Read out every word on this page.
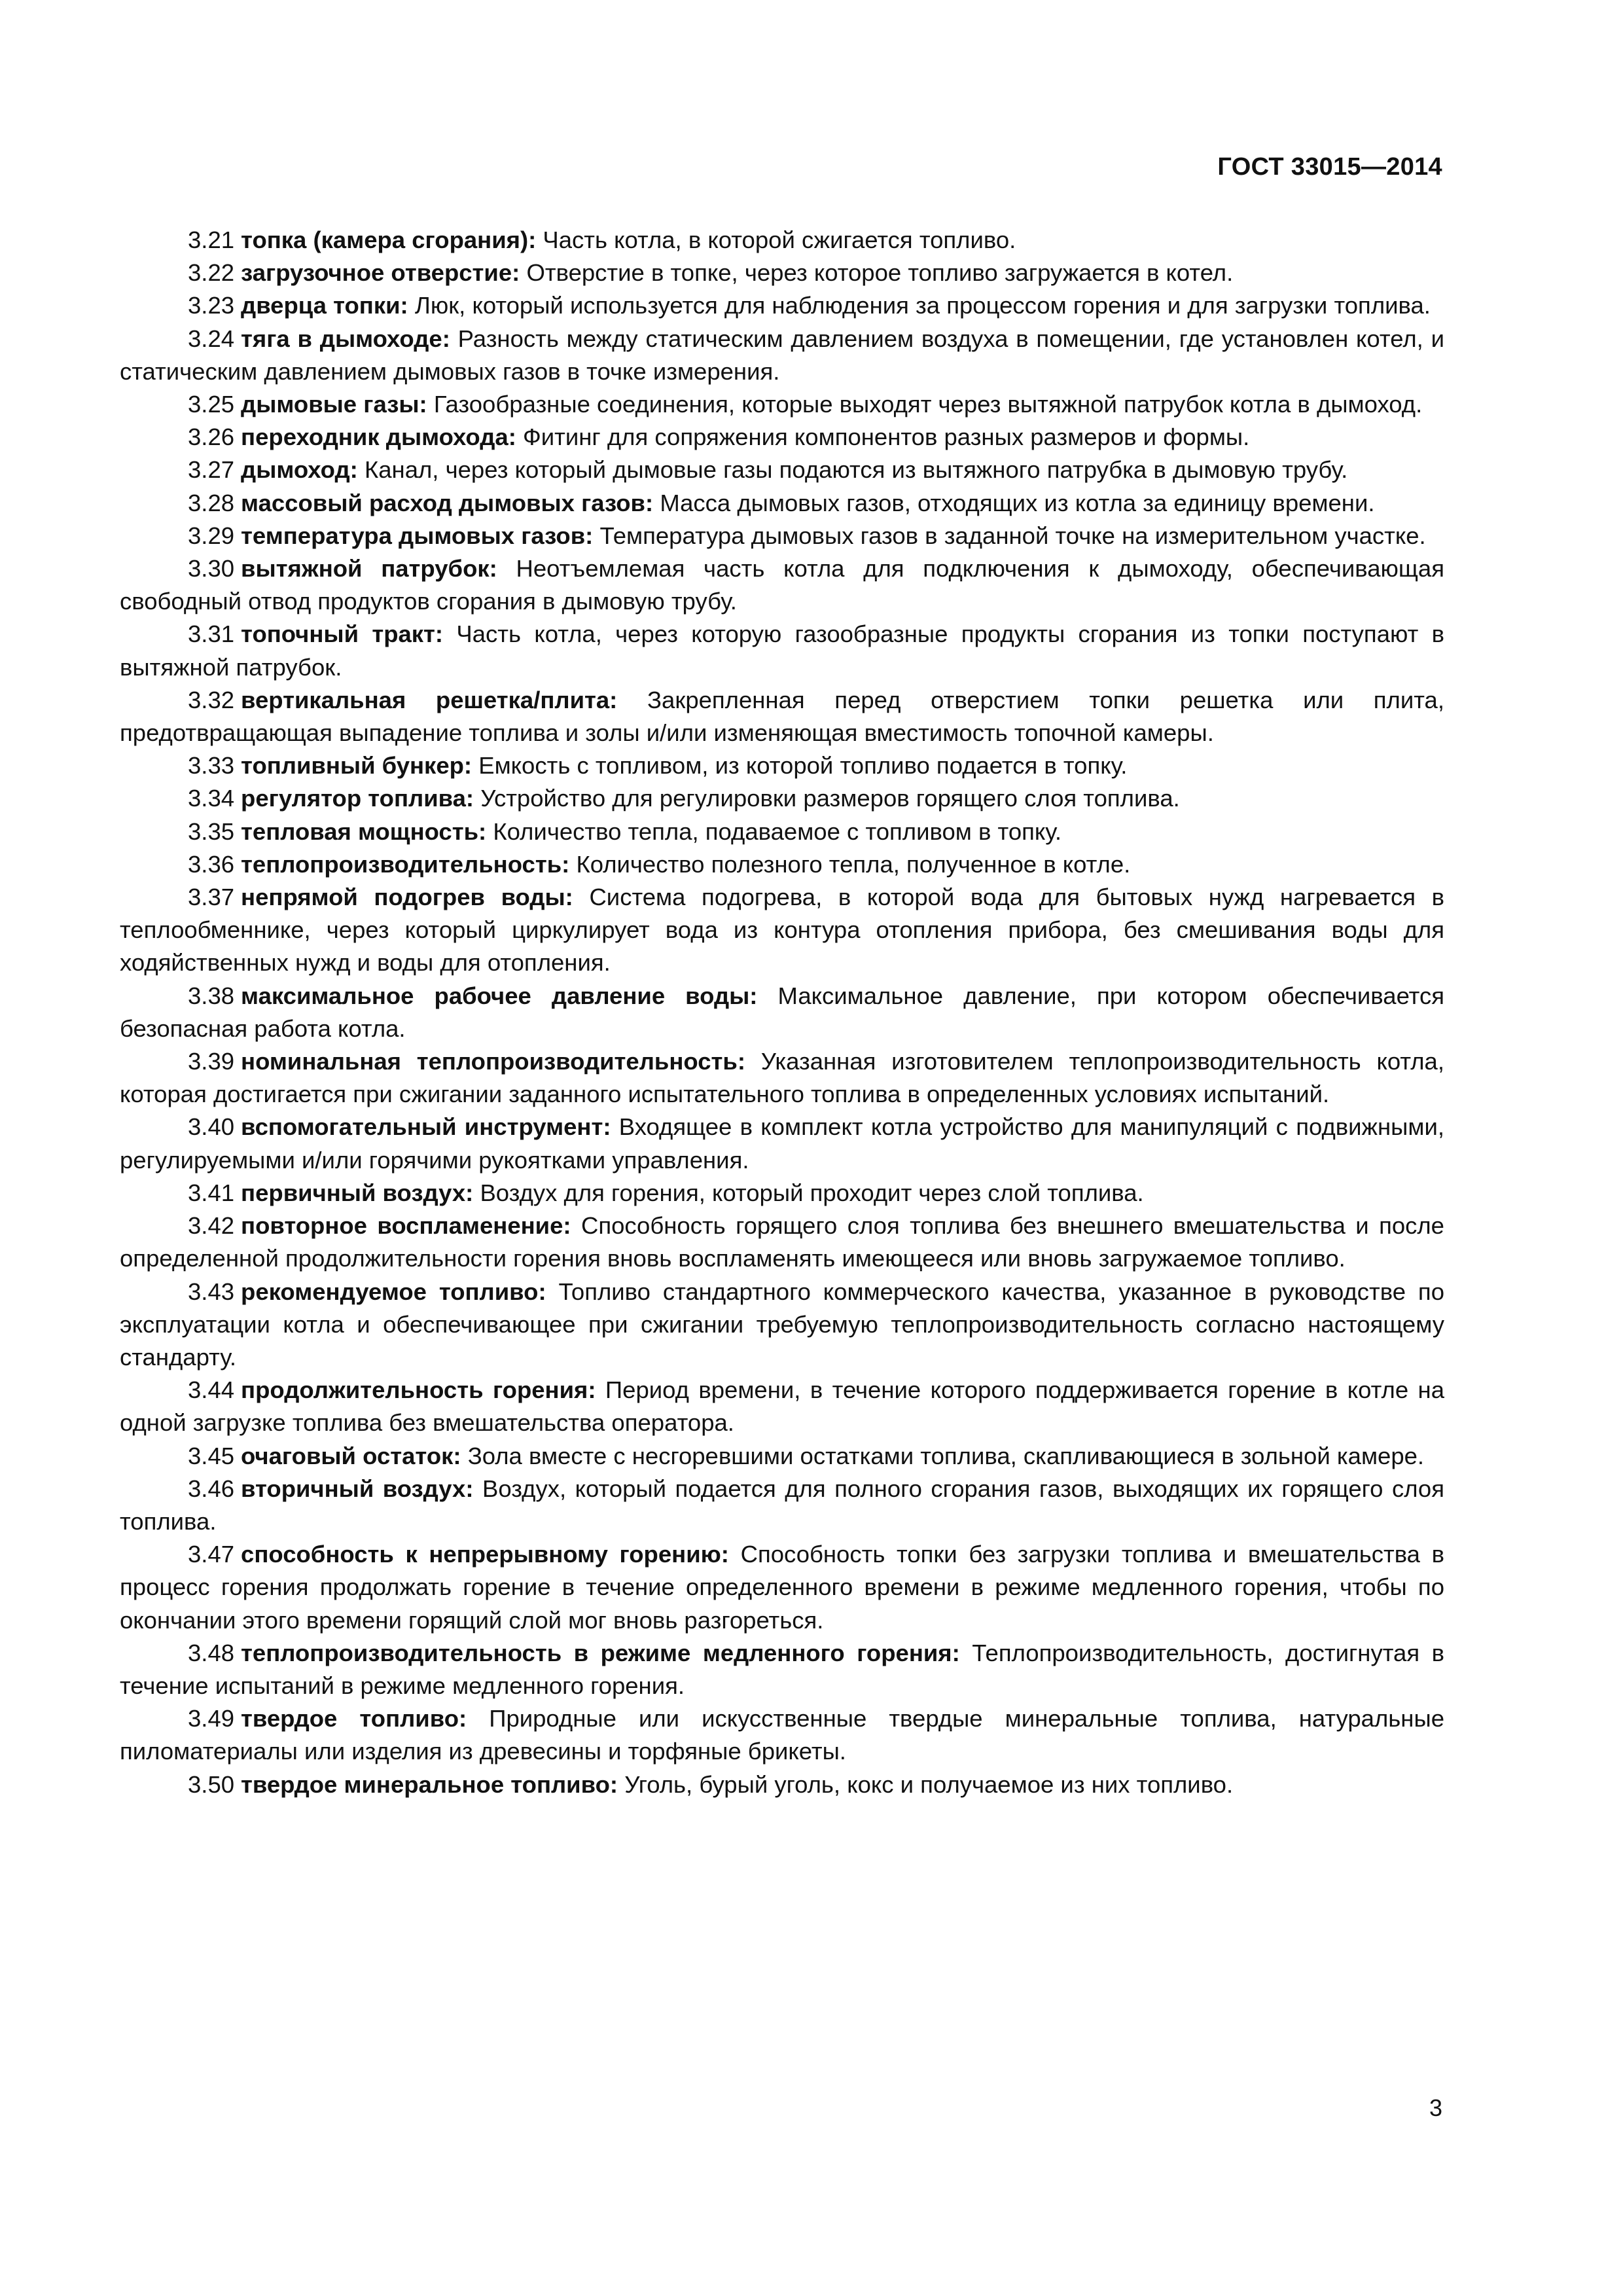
ГОСТ 33015—2014

3.21 топка (камера сгорания): Часть котла, в которой сжигается топливо.

3.22 загрузочное отверстие: Отверстие в топке, через которое топливо загружается в котел.

3.23 дверца топки: Люк, который используется для наблюдения за процессом горения и для загрузки топлива.

3.24 тяга в дымоходе: Разность между статическим давлением воздуха в помещении, где установлен котел, и статическим давлением дымовых газов в точке измерения.

3.25 дымовые газы: Газообразные соединения, которые выходят через вытяжной патрубок котла в дымоход.

3.26 переходник дымохода: Фитинг для сопряжения компонентов разных размеров и формы.

3.27 дымоход: Канал, через который дымовые газы подаются из вытяжного патрубка в дымовую трубу.

3.28 массовый расход дымовых газов: Масса дымовых газов, отходящих из котла за единицу времени.

3.29 температура дымовых газов: Температура дымовых газов в заданной точке на измерительном участке.

3.30 вытяжной патрубок: Неотъемлемая часть котла для подключения к дымоходу, обеспечивающая свободный отвод продуктов сгорания в дымовую трубу.

3.31 топочный тракт: Часть котла, через которую газообразные продукты сгорания из топки поступают в вытяжной патрубок.

3.32 вертикальная решетка/плита: Закрепленная перед отверстием топки решетка или плита, предотвращающая выпадение топлива и золы и/или изменяющая вместимость топочной камеры.

3.33 топливный бункер: Емкость с топливом, из которой топливо подается в топку.

3.34 регулятор топлива: Устройство для регулировки размеров горящего слоя топлива.

3.35 тепловая мощность: Количество тепла, подаваемое с топливом в топку.

3.36 теплопроизводительность: Количество полезного тепла, полученное в котле.

3.37 непрямой подогрев воды: Система подогрева, в которой вода для бытовых нужд нагревается в теплообменнике, через который циркулирует вода из контура отопления прибора, без смешивания воды для ходяйственных нужд и воды для отопления.

3.38 максимальное рабочее давление воды: Максимальное давление, при котором обеспечивается безопасная работа котла.

3.39 номинальная теплопроизводительность: Указанная изготовителем теплопроизводительность котла, которая достигается при сжигании заданного испытательного топлива в определенных условиях испытаний.

3.40 вспомогательный инструмент: Входящее в комплект котла устройство для манипуляций с подвижными, регулируемыми и/или горячими рукоятками управления.

3.41 первичный воздух: Воздух для горения, который проходит через слой топлива.

3.42 повторное воспламенение: Способность горящего слоя топлива без внешнего вмешательства и после определенной продолжительности горения вновь воспламенять имеющееся или вновь загружаемое топливо.

3.43 рекомендуемое топливо: Топливо стандартного коммерческого качества, указанное в руководстве по эксплуатации котла и обеспечивающее при сжигании требуемую теплопроизводительность согласно настоящему стандарту.

3.44 продолжительность горения: Период времени, в течение которого поддерживается горение в котле на одной загрузке топлива без вмешательства оператора.

3.45 очаговый остаток: Зола вместе с несгоревшими остатками топлива, скапливающиеся в зольной камере.

3.46 вторичный воздух: Воздух, который подается для полного сгорания газов, выходящих их горящего слоя топлива.

3.47 способность к непрерывному горению: Способность топки без загрузки топлива и вмешательства в процесс горения продолжать горение в течение определенного времени в режиме медленного горения, чтобы по окончании этого времени горящий слой мог вновь разгореться.

3.48 теплопроизводительность в режиме медленного горения: Теплопроизводительность, достигнутая в течение испытаний в режиме медленного горения.

3.49 твердое топливо: Природные или искусственные твердые минеральные топлива, натуральные пиломатериалы или изделия из древесины и торфяные брикеты.

3.50 твердое минеральное топливо: Уголь, бурый уголь, кокс и получаемое из них топливо.

3
